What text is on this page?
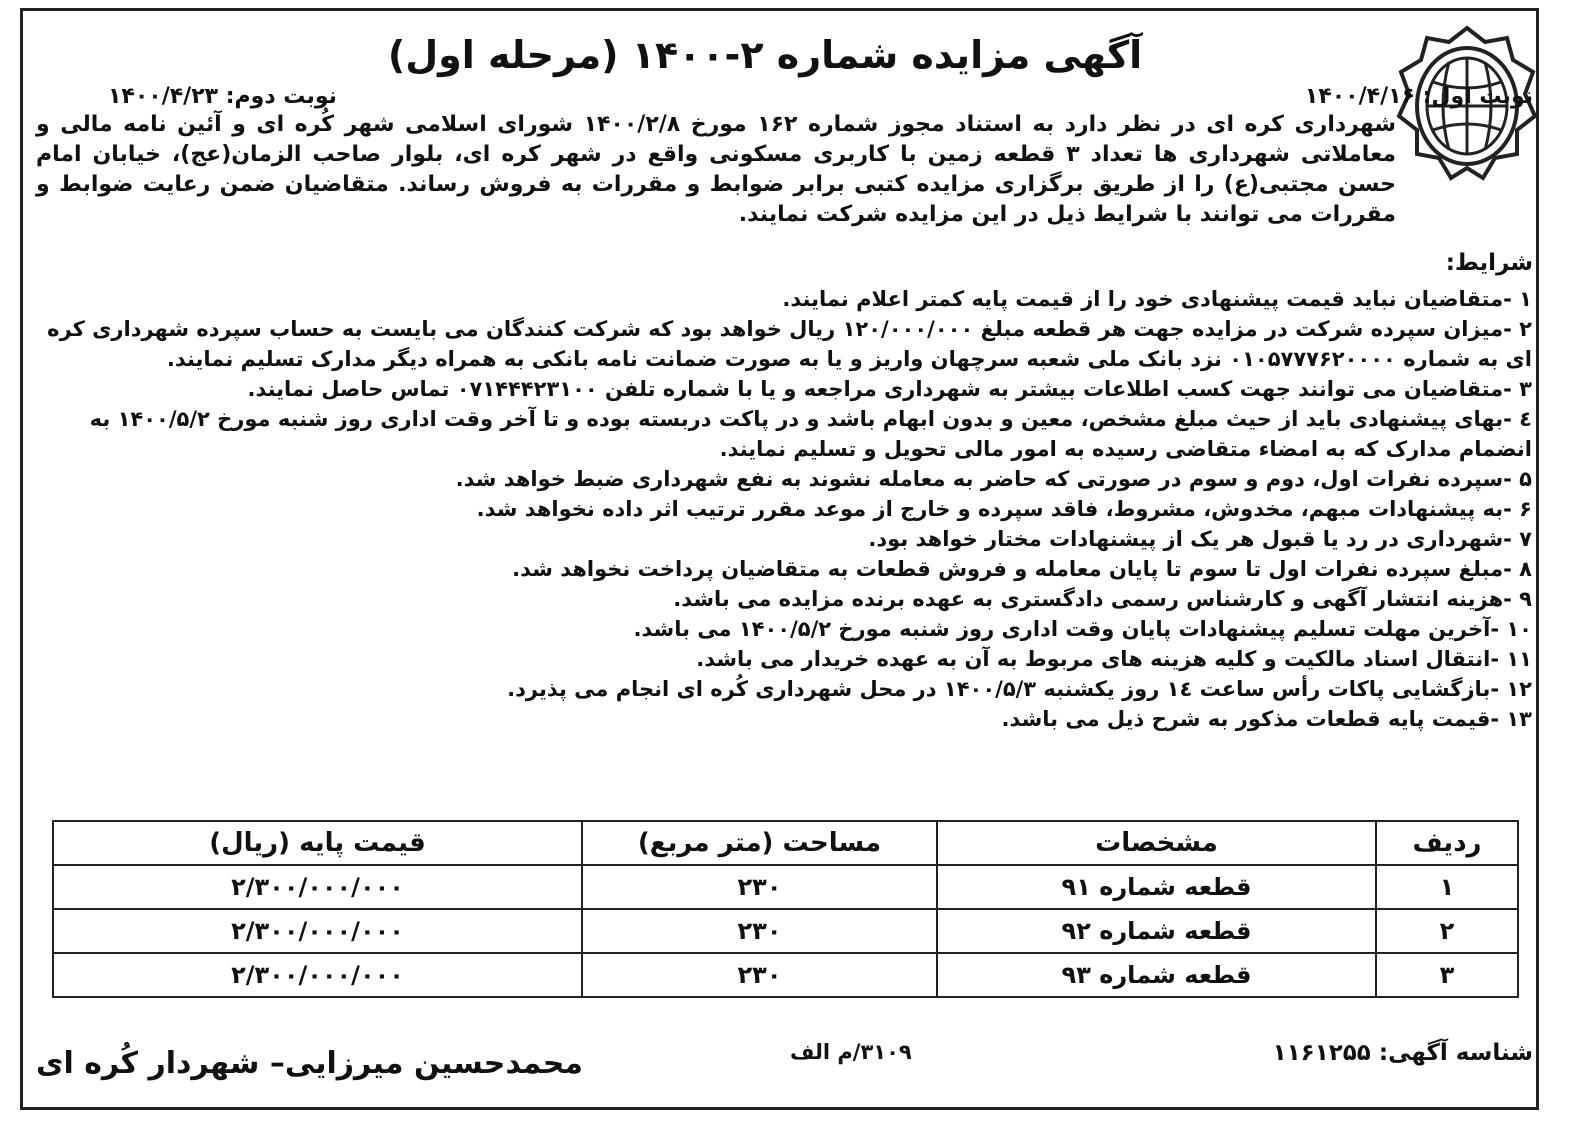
آگهی مزایده شماره ۲-۱۴۰۰ (مرحله اول)
نوبت اول: ۱۴۰۰/۴/۱۶
نوبت دوم: ۱۴۰۰/۴/۲۳
شهرداری کره ای در نظر دارد به استناد مجوز شماره ۱۶۲ مورخ ۱۴۰۰/۲/۸ شورای اسلامی شهر کُره ای و آئین نامه مالی و معاملاتی شهرداری ها تعداد ۳ قطعه زمین با کاربری مسکونی واقع در شهر کره ای، بلوار صاحب الزمان(عج)، خیابان امام حسن مجتبی(ع) را از طریق برگزاری مزایده کتبی برابر ضوابط و مقررات به فروش رساند. متقاضیان ضمن رعایت ضوابط و مقررات می توانند با شرایط ذیل در این مزایده شرکت نمایند.
شرایط:
۱ -متقاضیان نباید قیمت پیشنهادی خود را از قیمت پایه کمتر اعلام نمایند.
۲ -میزان سپرده شرکت در مزایده جهت هر قطعه مبلغ ۱۲۰/۰۰۰/۰۰۰ ریال خواهد بود که شرکت کنندگان می بایست به حساب سپرده شهرداری کره ای به شماره ۰۱۰۵۷۷۷۶۲۰۰۰۰ نزد بانک ملی شعبه سرچهان واریز و یا به صورت ضمانت نامه بانکی به همراه دیگر مدارک تسلیم نمایند.
۳ -متقاضیان می توانند جهت کسب اطلاعات بیشتر به شهرداری مراجعه و یا با شماره تلفن ۰۷۱۴۴۴۲۳۱۰۰ تماس حاصل نمایند.
٤ -بهای پیشنهادی باید از حیث مبلغ مشخص، معین و بدون ابهام باشد و در پاکت دربسته بوده و تا آخر وقت اداری روز شنبه مورخ ۱۴۰۰/۵/۲ به انضمام مدارک که به امضاء متقاضی رسیده به امور مالی تحویل و تسلیم نمایند.
۵ -سپرده نفرات اول، دوم و سوم در صورتی که حاضر به معامله نشوند به نفع شهرداری ضبط خواهد شد.
۶ -به پیشنهادات مبهم، مخدوش، مشروط، فاقد سپرده و خارج از موعد مقرر ترتیب اثر داده نخواهد شد.
۷ -شهرداری در رد یا قبول هر یک از پیشنهادات مختار خواهد بود.
۸ -مبلغ سپرده نفرات اول تا سوم تا پایان معامله و فروش قطعات به متقاضیان پرداخت نخواهد شد.
۹ -هزینه انتشار آگهی و کارشناس رسمی دادگستری به عهده برنده مزایده می باشد.
۱۰ -آخرین مهلت تسلیم پیشنهادات پایان وقت اداری روز شنبه مورخ ۱۴۰۰/۵/۲ می باشد.
۱۱ -انتقال اسناد مالکیت و کلیه هزینه های مربوط به آن به عهده خریدار می باشد.
۱۲ -بازگشایی پاکات رأس ساعت ۱٤ روز یکشنبه ۱۴۰۰/۵/۳ در محل شهرداری کُره ای انجام می پذیرد.
۱۳ -قیمت پایه قطعات مذکور به شرح ذیل می باشد.
ردیف	مشخصات	مساحت (متر مربع)	قیمت پایه (ریال)
۱	قطعه شماره ۹۱	۲۳۰	۲/۳۰۰/۰۰۰/۰۰۰
۲	قطعه شماره ۹۲	۲۳۰	۲/۳۰۰/۰۰۰/۰۰۰
۳	قطعه شماره ۹۳	۲۳۰	۲/۳۰۰/۰۰۰/۰۰۰
شناسه آگهی: ۱۱۶۱۲۵۵
۳۱۰۹/م الف
محمدحسین میرزایی– شهردار کُره ای
